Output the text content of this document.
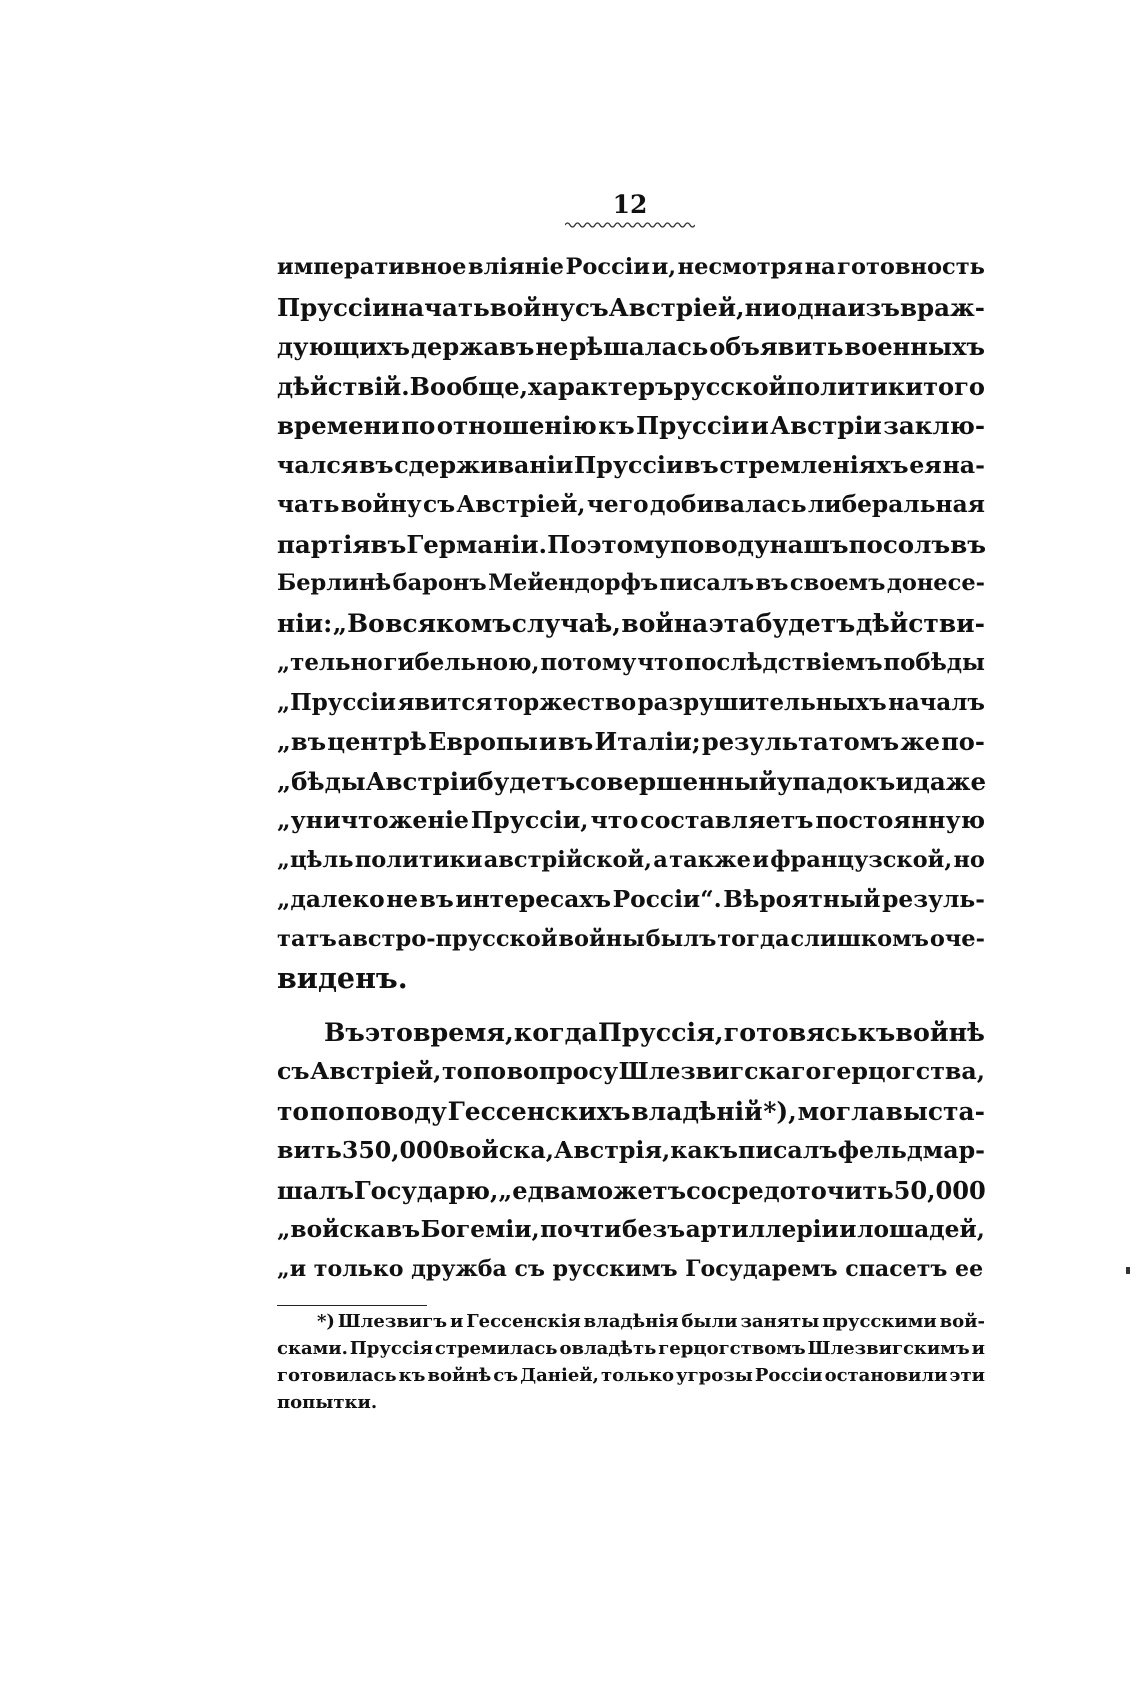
12
императивное вліяніе Россіи и, несмотря на готовность
Пруссіи начать войну съ Австріей, ни одна изъ враж-
дующихъ державъ не рѣшалась объявить военныхъ
дѣйствій. Вообще, характеръ русской политики того
времени по отношенію къ Пруссіи и Австріи заклю-
чался въ сдерживаніи Пруссіи въ стремленіяхъ ея на-
чать войну съ Австріей, чего добивалась либеральная
партія въ Германіи. По этому поводу нашъ посолъ въ
Берлинѣ баронъ Мейендорфъ писалъ въ своемъ донесе-
ніи: „Во всякомъ случаѣ, война эта будетъ дѣйстви-
„тельно гибельною, потому что послѣдствіемъ побѣды
„Пруссіи явится торжество разрушительныхъ началъ
„въ центрѣ Европы и въ Италіи; результатомъ же по-
„бѣды Австріи будетъ совершенный упадокъ и даже
„уничтоженіе Пруссіи, что составляетъ постоянную
„цѣль политики австрійской, а также и французской, но
„далеко не въ интересахъ Россіи“. Вѣроятный резуль-
татъ австро-прусской войны былъ тогда слишкомъ оче-
виденъ.
Въ это время, когда Пруссія, готовясь къ войнѣ
съ Австріей, то по вопросу Шлезвигскаго герцогства,
то по поводу Гессенскихъ владѣній *), могла выста-
вить 350,000 войска, Австрія, какъ писалъ фельдмар-
шалъ Государю, „едва можетъ сосредоточить 50,000
„войска въ Богеміи, почти безъ артиллеріи и лошадей,
„и только дружба съ русскимъ Государемъ спасетъ ее
*) Шлезвигъ и Гессенскія владѣнія были заняты прусскими вой-
сками. Пруссія стремилась овладѣть герцогствомъ Шлезвигскимъ и
готовилась къ войнѣ съ Даніей, только угрозы Россіи остановили эти
попытки.
